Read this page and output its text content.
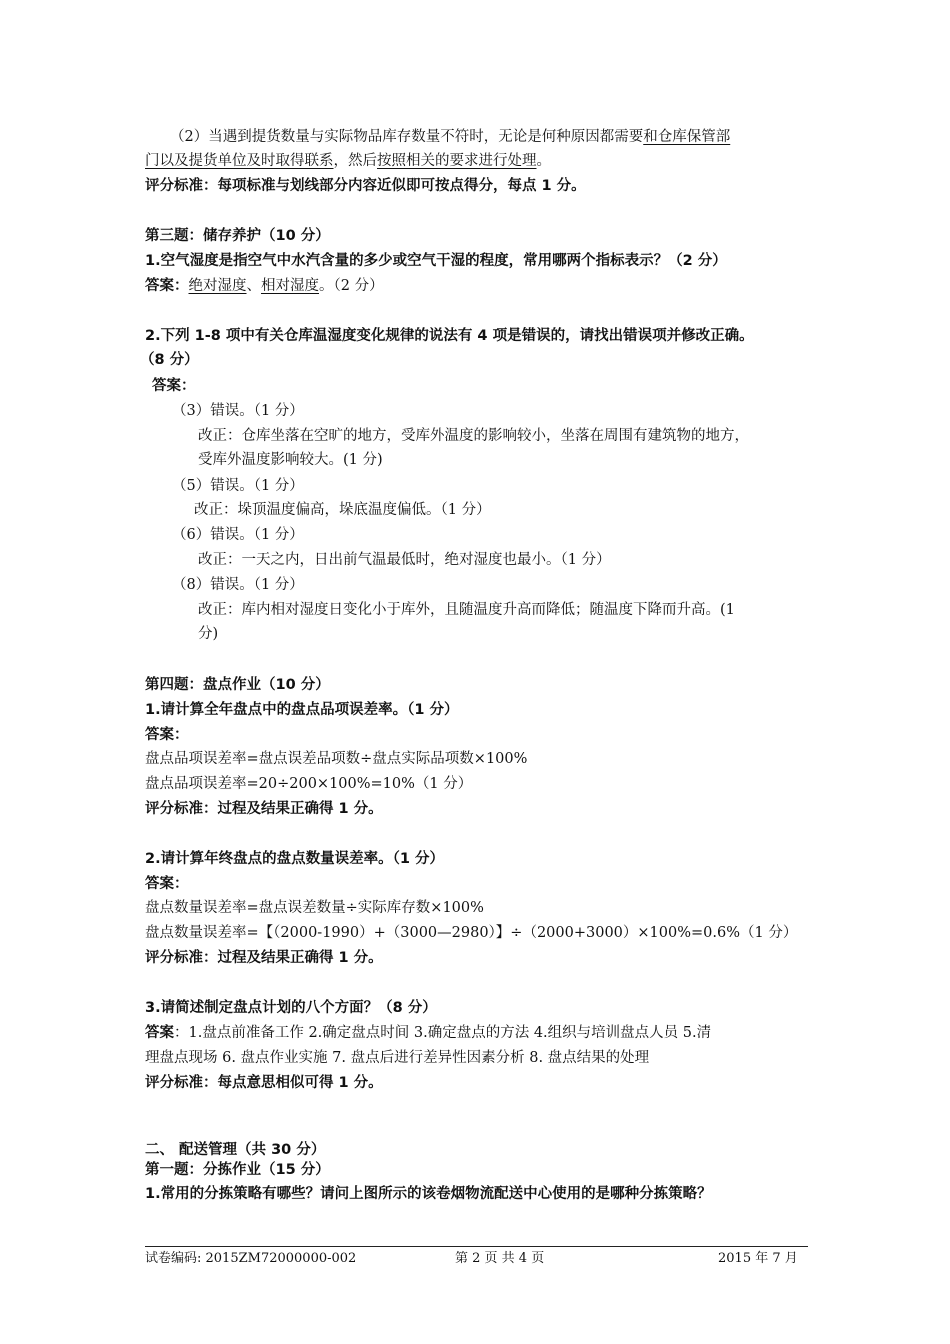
（2）当遇到提货数量与实际物品库存数量不符时，无论是何种原因都需要和仓库保管部
门以及提货单位及时取得联系，然后按照相关的要求进行处理。
评分标准：每项标准与划线部分内容近似即可按点得分，每点 1 分。
第三题：储存养护（10 分）
1.空气湿度是指空气中水汽含量的多少或空气干湿的程度，常用哪两个指标表示？（2 分）
答案：绝对湿度、相对湿度。（2 分）
2.下列 1-8 项中有关仓库温湿度变化规律的说法有 4 项是错误的，请找出错误项并修改正确。
（8 分）
答案：
（3）错误。（1 分）
改正：仓库坐落在空旷的地方，受库外温度的影响较小，坐落在周围有建筑物的地方，
受库外温度影响较大。(1 分)
（5）错误。（1 分）
改正：垛顶温度偏高，垛底温度偏低。（1 分）
（6）错误。（1 分）
改正：一天之内，日出前气温最低时，绝对湿度也最小。（1 分）
（8）错误。（1 分）
改正：库内相对湿度日变化小于库外，且随温度升高而降低；随温度下降而升高。(1
分)
第四题：盘点作业（10 分）
1.请计算全年盘点中的盘点品项误差率。（1 分）
答案：
盘点品项误差率=盘点误差品项数÷盘点实际品项数×100%
盘点品项误差率=20÷200×100%=10%（1 分）
评分标准：过程及结果正确得 1 分。
2.请计算年终盘点的盘点数量误差率。（1 分）
答案：
盘点数量误差率=盘点误差数量÷实际库存数×100%
盘点数量误差率=【（2000-1990）+（3000—2980）】÷（2000+3000）×100%=0.6%（1 分）
评分标准：过程及结果正确得 1 分。
3.请简述制定盘点计划的八个方面？（8 分）
答案：1.盘点前准备工作 2.确定盘点时间 3.确定盘点的方法 4.组织与培训盘点人员 5.清
理盘点现场 6. 盘点作业实施 7. 盘点后进行差异性因素分析 8. 盘点结果的处理
评分标准：每点意思相似可得 1 分。
二、 配送管理（共 30 分）
第一题：分拣作业（15 分）
1.常用的分拣策略有哪些？请问上图所示的该卷烟物流配送中心使用的是哪种分拣策略？
试卷编码: 2015ZM72000000-002	第 2 页 共 4 页	2015 年 7 月
